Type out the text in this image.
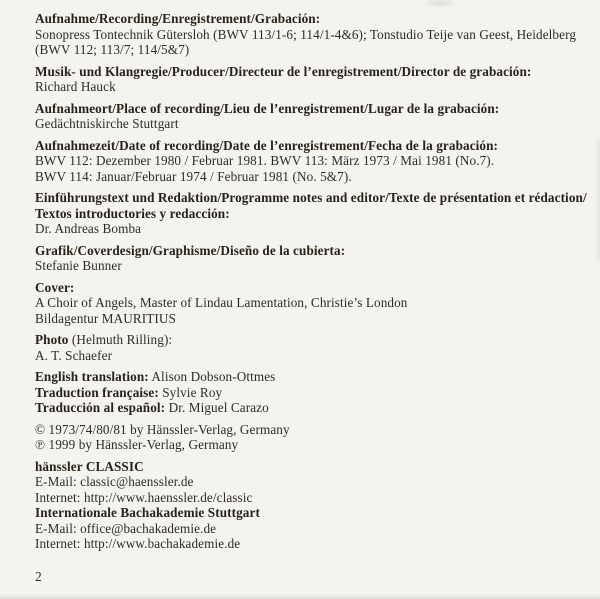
Aufnahme/Recording/Enregistrement/Grabación:
Sonopress Tontechnik Gütersloh (BWV 113/1-6; 114/1-4&6); Tonstudio Teije van Geest, Heidelberg
(BWV 112; 113/7; 114/5&7)

Musik- und Klangregie/Producer/Directeur de l’enregistrement/Director de grabación:
Richard Hauck

Aufnahmeort/Place of recording/Lieu de l’enregistrement/Lugar de la grabación:
Gedächtniskirche Stuttgart

Aufnahmezeit/Date of recording/Date de l’enregistrement/Fecha de la grabación:
BWV 112: Dezember 1980 / Februar 1981. BWV 113: März 1973 / Mai 1981 (No.7).
BWV 114: Januar/Februar 1974 / Februar 1981 (No. 5&7).

Einführungstext und Redaktion/Programme notes and editor/Texte de présentation et rédaction/
Textos introductories y redacción:
Dr. Andreas Bomba

Grafik/Coverdesign/Graphisme/Diseño de la cubierta:
Stefanie Bunner

Cover:
A Choir of Angels, Master of Lindau Lamentation, Christie’s London
Bildagentur MAURITIUS

Photo (Helmuth Rilling):
A. T. Schaefer

English translation: Alison Dobson-Ottmes
Traduction française: Sylvie Roy
Traducción al español: Dr. Miguel Carazo

© 1973/74/80/81 by Hänssler-Verlag, Germany
℗ 1999 by Hänssler-Verlag, Germany

hänssler CLASSIC
E-Mail: classic@haenssler.de
Internet: http://www.haenssler.de/classic
Internationale Bachakademie Stuttgart
E-Mail: office@bachakademie.de
Internet: http://www.bachakademie.de

2
